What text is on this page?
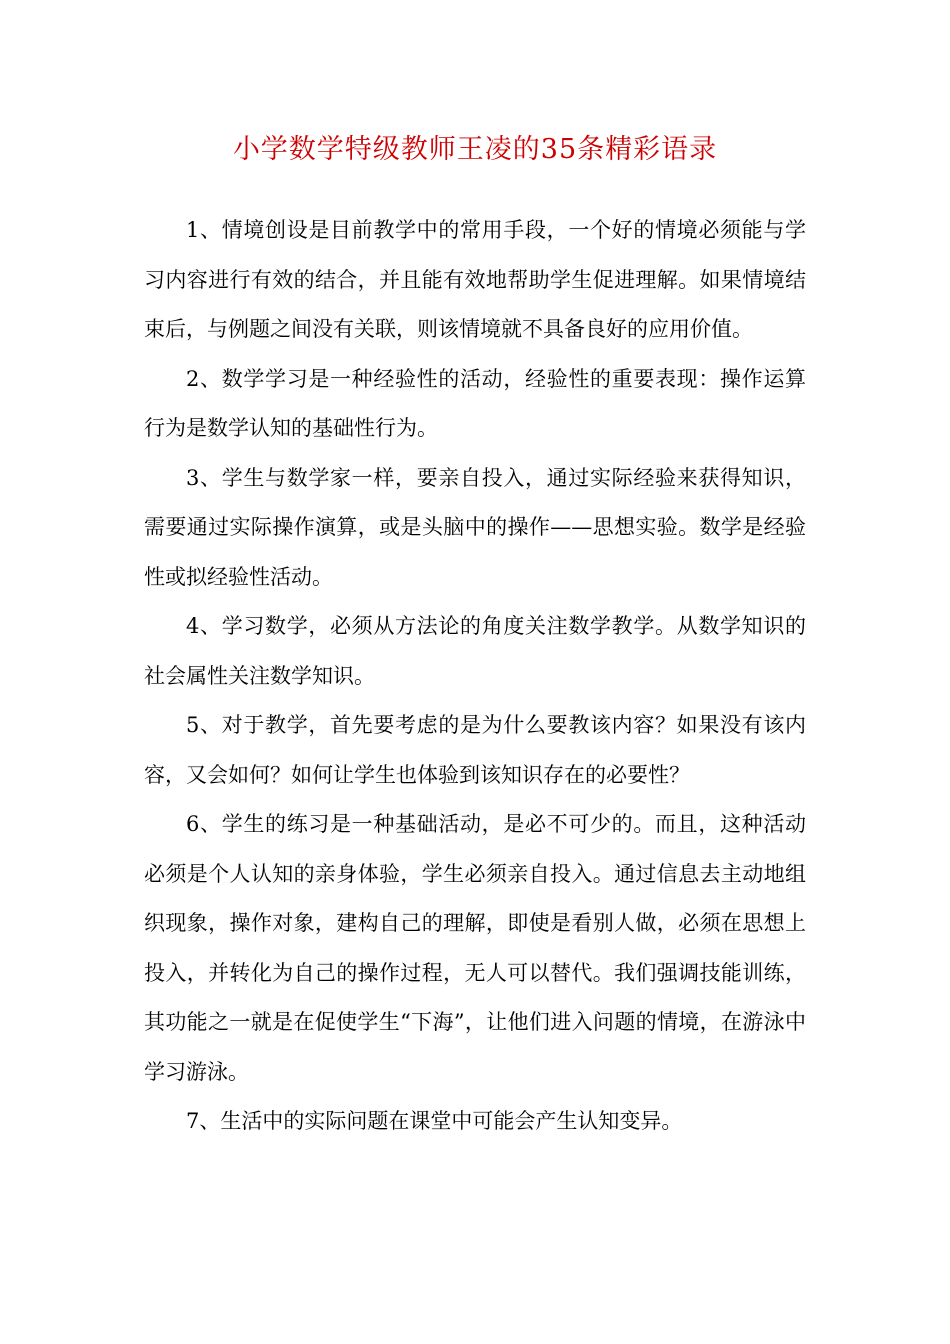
小学数学特级教师王凌的35条精彩语录

1、情境创设是目前教学中的常用手段，一个好的情境必须能与学习内容进行有效的结合，并且能有效地帮助学生促进理解。如果情境结束后，与例题之间没有关联，则该情境就不具备良好的应用价值。

2、数学学习是一种经验性的活动，经验性的重要表现：操作运算行为是数学认知的基础性行为。

3、学生与数学家一样，要亲自投入，通过实际经验来获得知识，需要通过实际操作演算，或是头脑中的操作——思想实验。数学是经验性或拟经验性活动。

4、学习数学，必须从方法论的角度关注数学教学。从数学知识的社会属性关注数学知识。

5、对于教学，首先要考虑的是为什么要教该内容？如果没有该内容，又会如何？如何让学生也体验到该知识存在的必要性？

6、学生的练习是一种基础活动，是必不可少的。而且，这种活动必须是个人认知的亲身体验，学生必须亲自投入。通过信息去主动地组织现象，操作对象，建构自己的理解，即使是看别人做，必须在思想上投入，并转化为自己的操作过程，无人可以替代。我们强调技能训练，其功能之一就是在促使学生“下海”，让他们进入问题的情境，在游泳中学习游泳。

7、生活中的实际问题在课堂中可能会产生认知变异。
